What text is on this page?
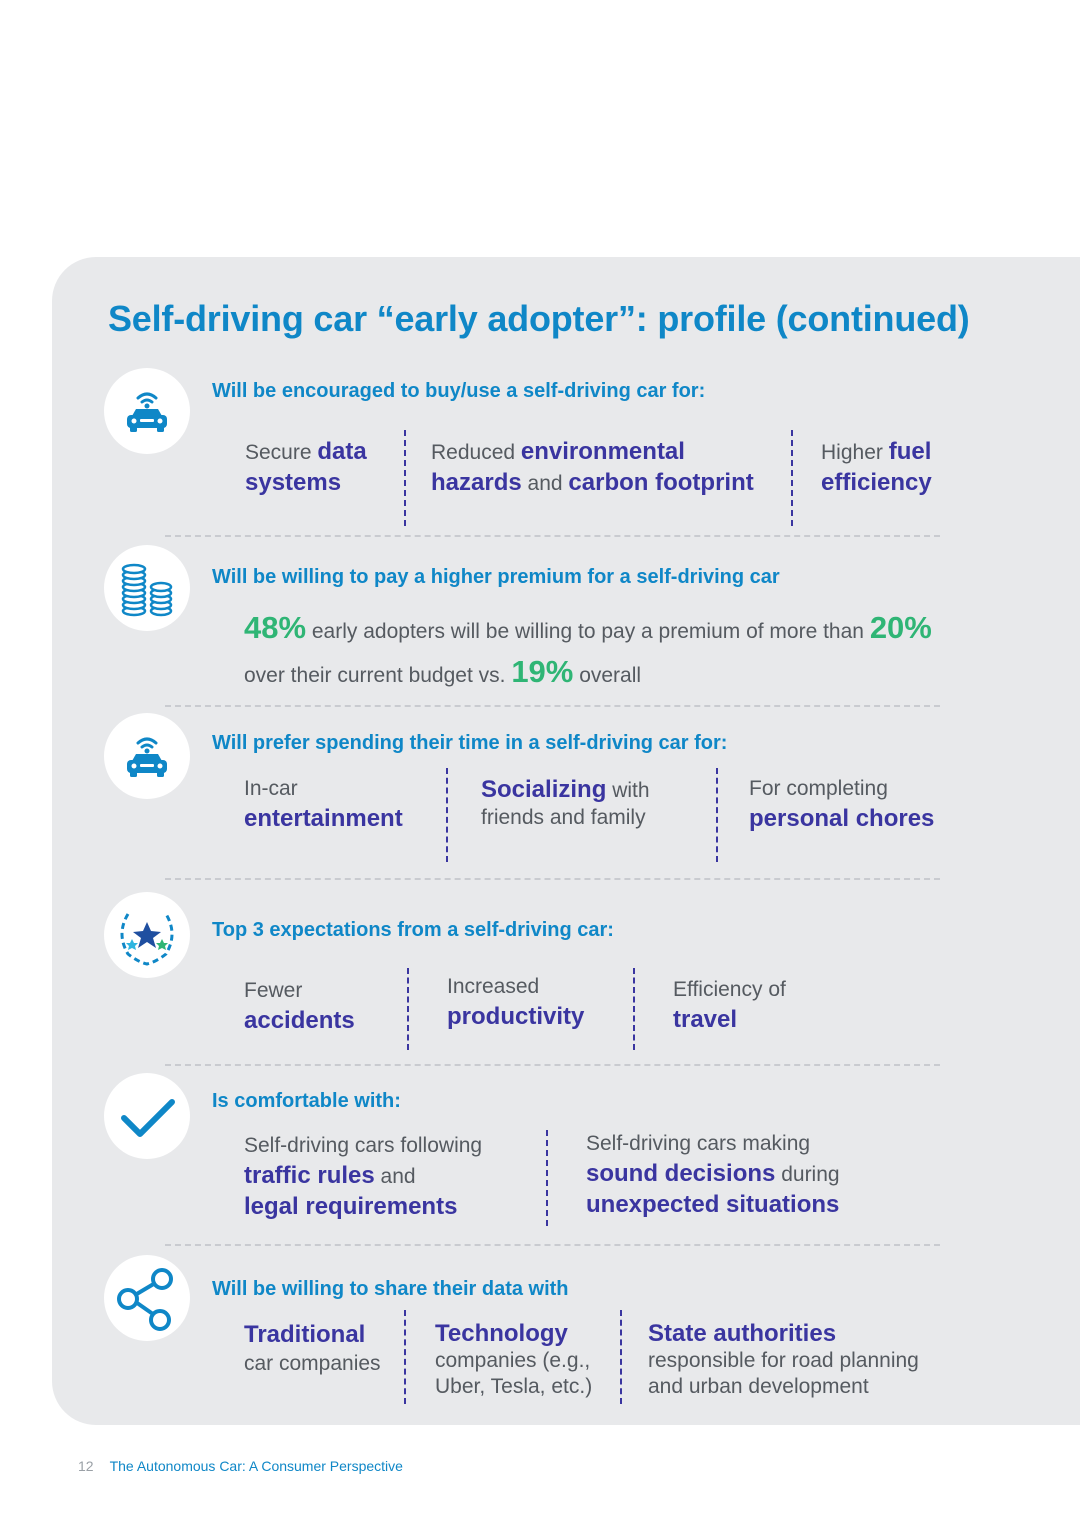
Self-driving car “early adopter”: profile (continued)
Will be encouraged to buy/use a self-driving car for:
Secure data
systems
Reduced environmental
hazards and carbon footprint
Higher fuel
efficiency
Will be willing to pay a higher premium for a self-driving car
48% early adopters will be willing to pay a premium of more than 20%
over their current budget vs. 19% overall
Will prefer spending their time in a self-driving car for:
In-car
entertainment
Socializing with
friends and family
For completing
personal chores
Top 3 expectations from a self-driving car:
Fewer
accidents
Increased
productivity
Efficiency of
travel
Is comfortable with:
Self-driving cars following
traffic rules and
legal requirements
Self-driving cars making
sound decisions during
unexpected situations
Will be willing to share their data with
Traditional
car companies
Technology
companies (e.g.,
Uber, Tesla, etc.)
State authorities
responsible for road planning
and urban development
12 The Autonomous Car: A Consumer Perspective
